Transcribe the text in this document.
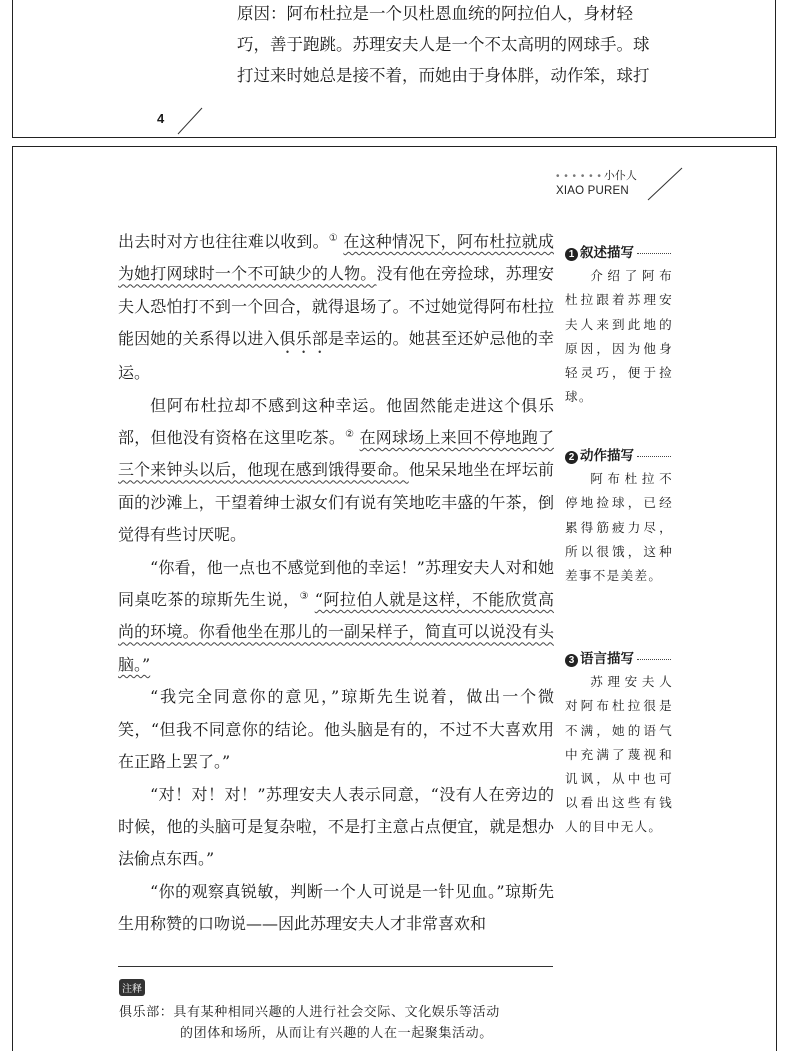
原因：阿布杜拉是一个贝杜恩血统的阿拉伯人，身材轻
巧，善于跑跳。苏理安夫人是一个不太高明的网球手。球
打过来时她总是接不着，而她由于身体胖，动作笨，球打
4
• • • • • • 小仆人
XIAO PUREN

出去时对方也往往难以收到。① 在这种情况下，阿布杜拉就成为她打网球时一个不可缺少的人物。没有他在旁捡球，苏理安夫人恐怕打不到一个回合，就得退场了。不过她觉得阿布杜拉能因她的关系得以进入俱乐部是幸运的。她甚至还妒忌他的幸运。

但阿布杜拉却不感到这种幸运。他固然能走进这个俱乐部，但他没有资格在这里吃茶。② 在网球场上来回不停地跑了三个来钟头以后，他现在感到饿得要命。他呆呆地坐在坪坛前面的沙滩上，干望着绅士淑女们有说有笑地吃丰盛的午茶，倒觉得有些讨厌呢。

“你看，他一点也不感觉到他的幸运！”苏理安夫人对和她同桌吃茶的琼斯先生说，③ “阿拉伯人就是这样，不能欣赏高尚的环境。你看他坐在那儿的一副呆样子，简直可以说没有头脑。”

“我完全同意你的意见，”琼斯先生说着，做出一个微笑，“但我不同意你的结论。他头脑是有的，不过不大喜欢用在正路上罢了。”

“对！对！对！”苏理安夫人表示同意，“没有人在旁边的时候，他的头脑可是复杂啦，不是打主意占点便宜，就是想办法偷点东西。”

“你的观察真锐敏，判断一个人可说是一针见血。”琼斯先生用称赞的口吻说——因此苏理安夫人才非常喜欢和

1 叙述描写
介绍了阿布杜拉跟着苏理安夫人来到此地的原因，因为他身轻灵巧，便于捡球。
2 动作描写
阿布杜拉不停地捡球，已经累得筋疲力尽，所以很饿，这种差事不是美差。
3 语言描写
苏理安夫人对阿布杜拉很是不满，她的语气中充满了蔑视和讥讽，从中也可以看出这些有钱人的目中无人。
注释
俱乐部：具有某种相同兴趣的人进行社会交际、文化娱乐等活动
的团体和场所，从而让有兴趣的人在一起聚集活动。
